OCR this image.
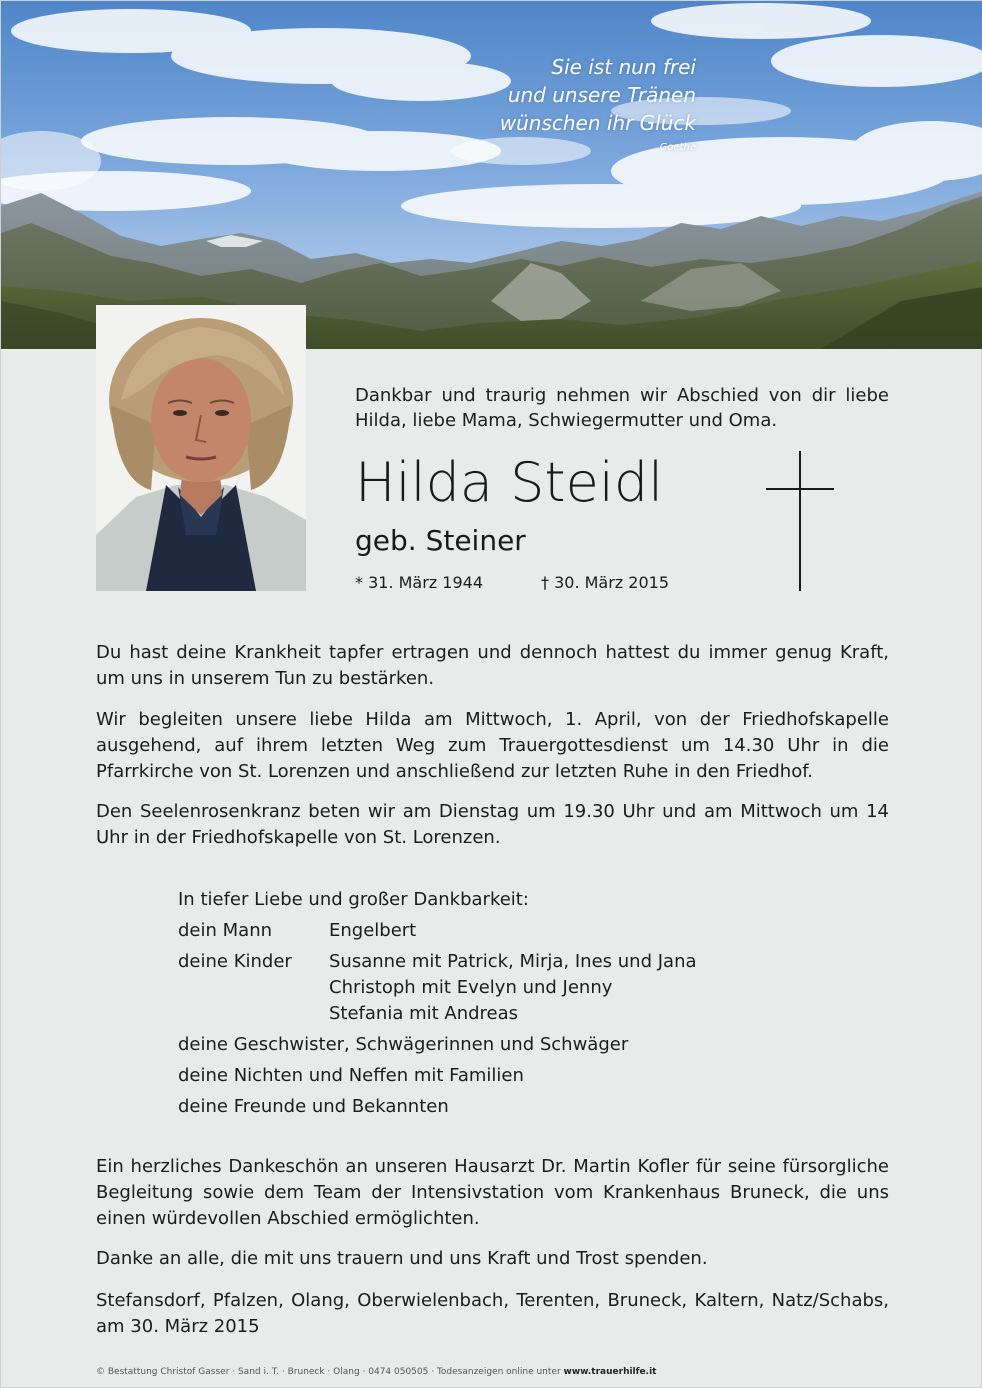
Sie ist nun frei
und unsere Tränen
wünschen ihr Glück
Goethe
Dankbar und traurig nehmen wir Abschied von dir liebe Hilda, liebe Mama, Schwiegermutter und Oma.
Hilda Steidl
geb. Steiner
* 31. März 1944	† 30. März 2015
Du hast deine Krankheit tapfer ertragen und dennoch hattest du immer genug Kraft, um uns in unserem Tun zu bestärken.
Wir begleiten unsere liebe Hilda am Mittwoch, 1. April, von der Friedhofskapelle ausgehend, auf ihrem letzten Weg zum Trauergottesdienst um 14.30 Uhr in die Pfarrkirche von St. Lorenzen und anschließend zur letzten Ruhe in den Friedhof.
Den Seelenrosenkranz beten wir am Dienstag um 19.30 Uhr und am Mittwoch um 14 Uhr in der Friedhofskapelle von St. Lorenzen.
In tiefer Liebe und großer Dankbarkeit:
dein Mann	Engelbert
deine Kinder	Susanne mit Patrick, Mirja, Ines und Jana
Christoph mit Evelyn und Jenny
Stefania mit Andreas
deine Geschwister, Schwägerinnen und Schwäger
deine Nichten und Neffen mit Familien
deine Freunde und Bekannten
Ein herzliches Dankeschön an unseren Hausarzt Dr. Martin Kofler für seine fürsorgliche Begleitung sowie dem Team der Intensivstation vom Krankenhaus Bruneck, die uns einen würdevollen Abschied ermöglichten.
Danke an alle, die mit uns trauern und uns Kraft und Trost spenden.
Stefansdorf, Pfalzen, Olang, Oberwielenbach, Terenten, Bruneck, Kaltern, Natz/Schabs, am 30. März 2015
© Bestattung Christof Gasser · Sand i. T. · Bruneck · Olang · 0474 050505 · Todesanzeigen online unter www.trauerhilfe.it
